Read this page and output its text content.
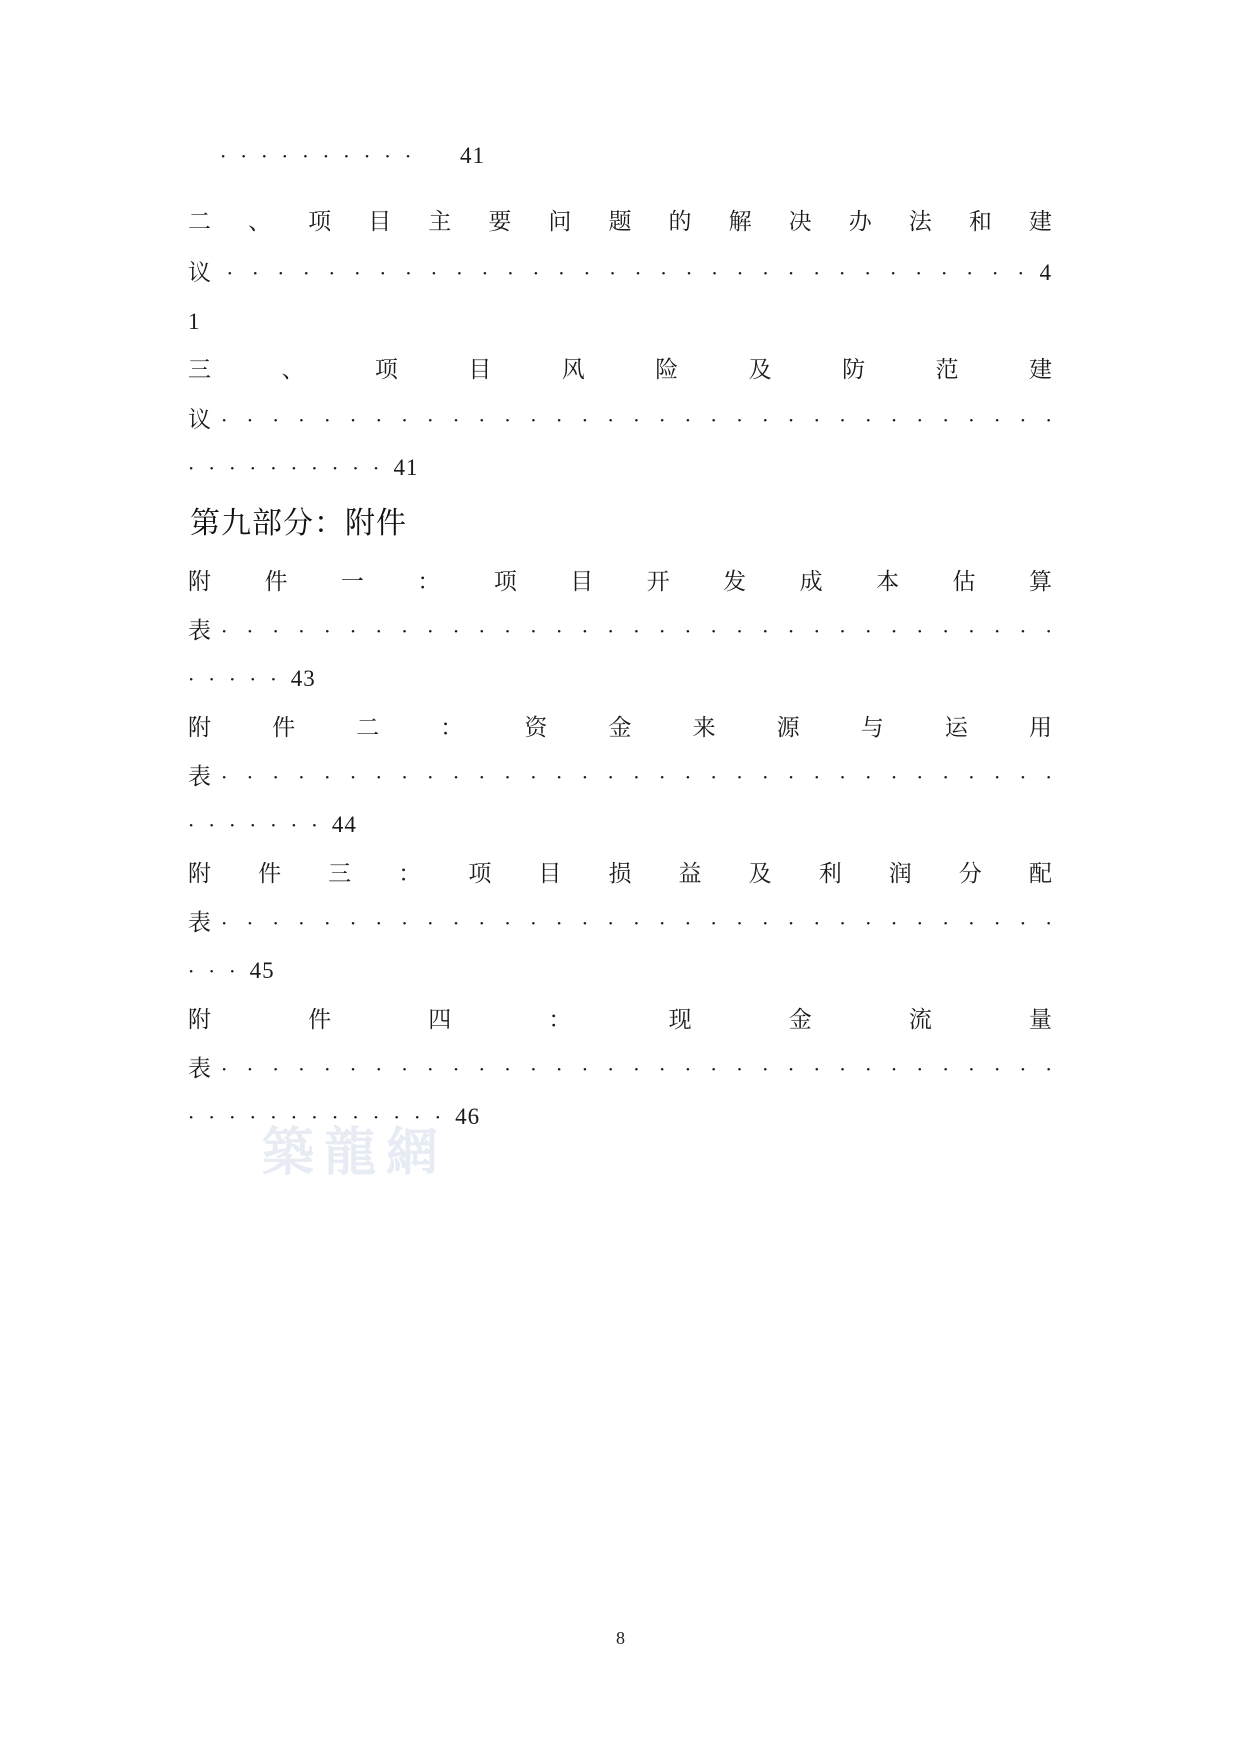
· · · · · · · · · · 41
二 、 项 目 主 要 问 题 的 解 决 办 法 和 建
议 · · · · · · · · · · · · · · · · · · · · · · · · · · · · · · · · 4
1
三	、	项	目	风	险	及	防	范	建
议 · · · · · · · · · · · · · · · · · · · · · · · · · · · · · · · · ·
· · · · · · · · · · 41
第九部分：附件
附 件 一 ： 项 目 开 发 成 本 估 算
表 · · · · · · · · · · · · · · · · · · · · · · · · · · · · · · · · ·
· · · · · 43
附	件	二	：	资	金	来	源	与	运	用
表 · · · · · · · · · · · · · · · · · · · · · · · · · · · · · · · · ·
· · · · · · · 44
附 件 三 ： 项 目 损 益 及 利 润 分 配
表 · · · · · · · · · · · · · · · · · · · · · · · · · · · · · · · · ·
· · · 45
附	件	四	：	现	金	流	量
表 · · · · · · · · · · · · · · · · · · · · · · · · · · · · · · · · ·
· · · · · · · · · · · · · 46
築龍網
8
